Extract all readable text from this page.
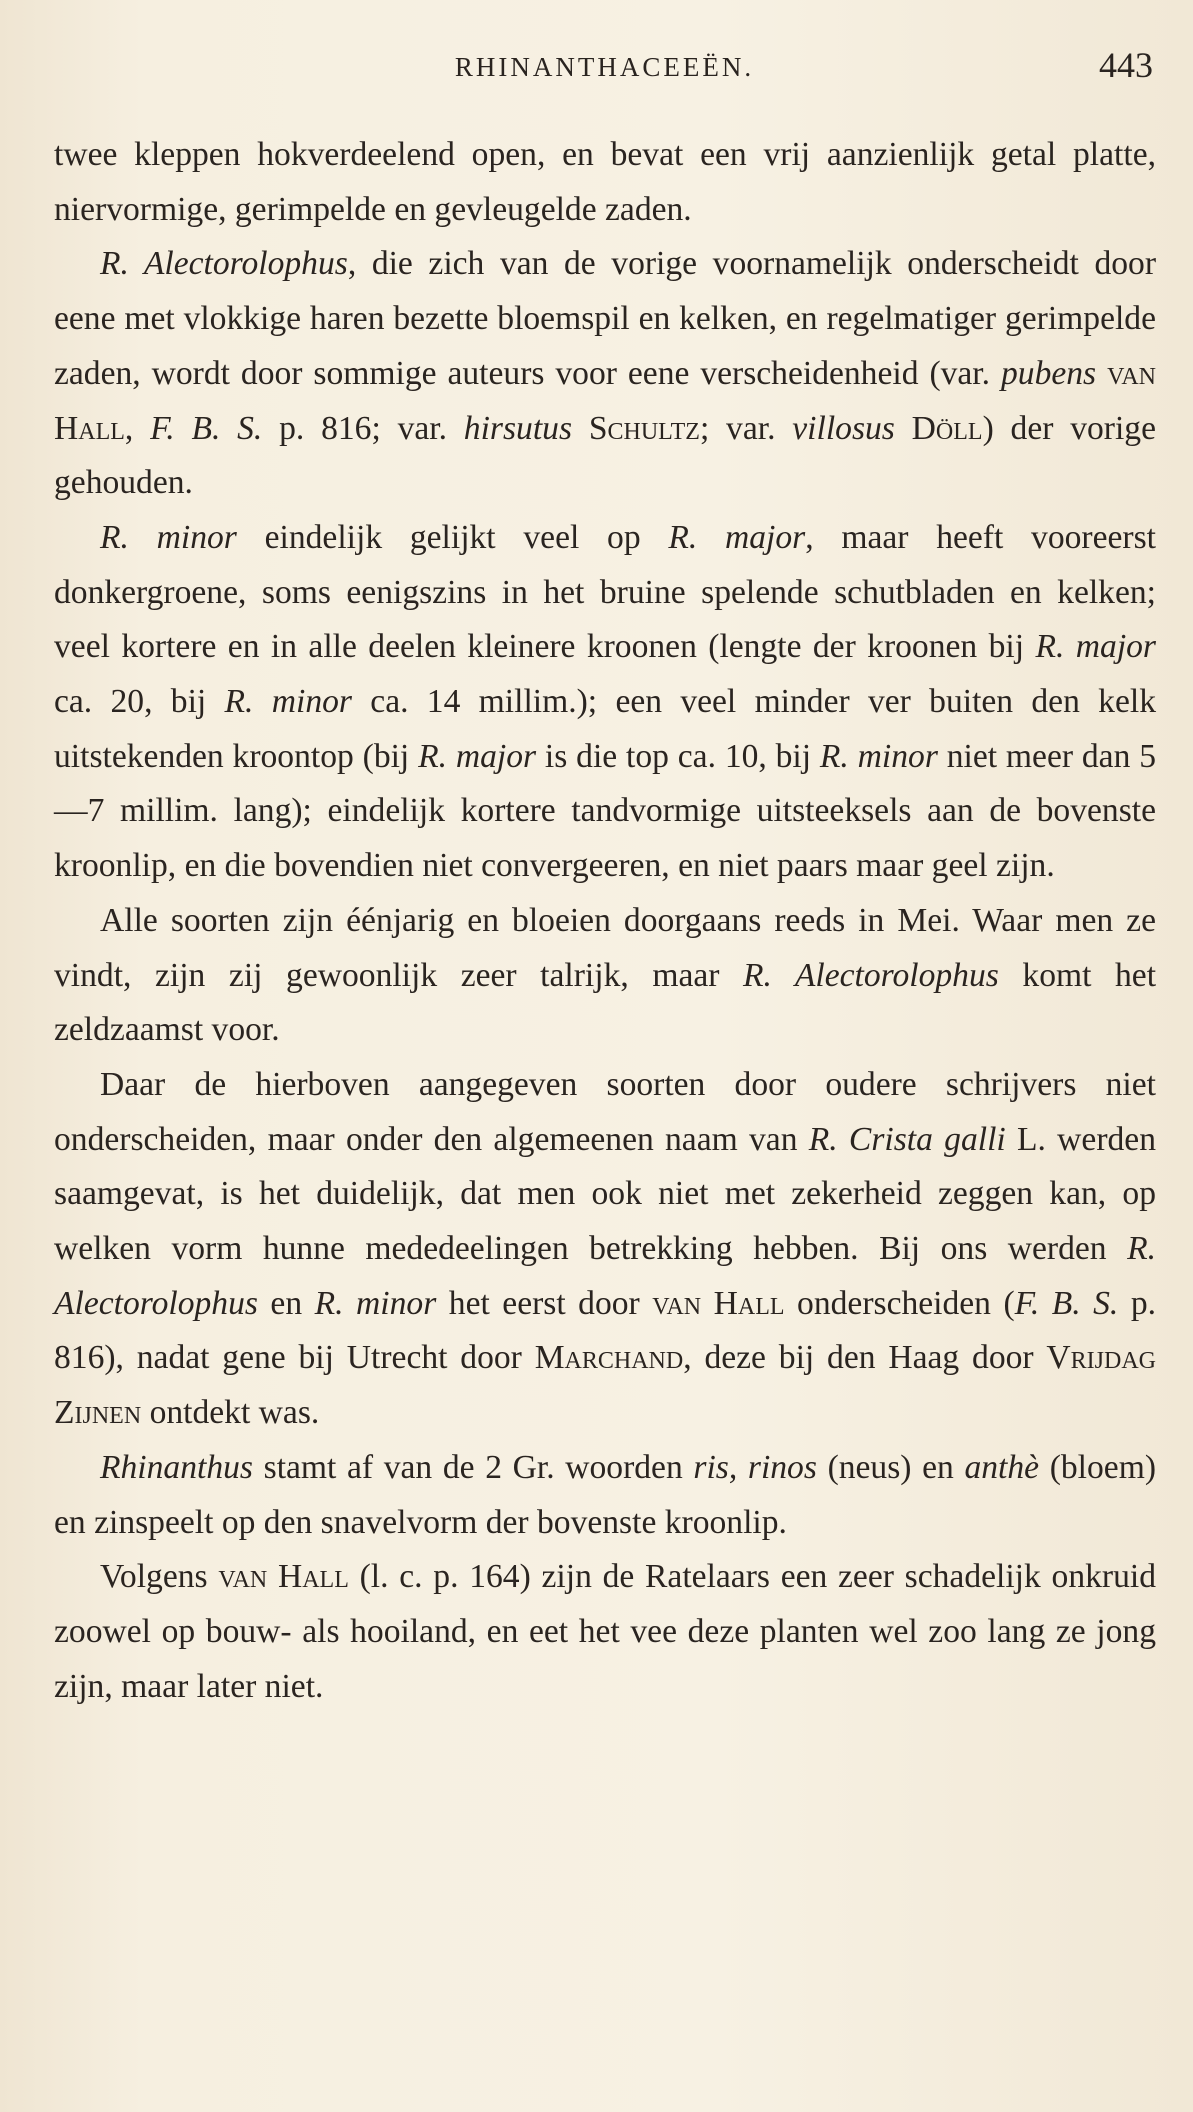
RHINANTHACEEËN.	443

twee kleppen hokverdeelend open, en bevat een vrij aanzienlijk getal platte, niervormige, gerimpelde en gevleugelde zaden.

R. Alectorolophus, die zich van de vorige voornamelijk onderscheidt door eene met vlokkige haren bezette bloemspil en kelken, en regelmatiger gerimpelde zaden, wordt door sommige auteurs voor eene verscheidenheid (var. pubens van Hall, F. B. S. p. 816; var. hirsutus Schultz; var. villosus Döll) der vorige gehouden.

R. minor eindelijk gelijkt veel op R. major, maar heeft vooreerst donkergroene, soms eenigszins in het bruine spelende schutbladen en kelken; veel kortere en in alle deelen kleinere kroonen (lengte der kroonen bij R. major ca. 20, bij R. minor ca. 14 millim.); een veel minder ver buiten den kelk uitstekenden kroontop (bij R. major is die top ca. 10, bij R. minor niet meer dan 5—7 millim. lang); eindelijk kortere tandvormige uitsteeksels aan de bovenste kroonlip, en die bovendien niet convergeeren, en niet paars maar geel zijn.

Alle soorten zijn éénjarig en bloeien doorgaans reeds in Mei. Waar men ze vindt, zijn zij gewoonlijk zeer talrijk, maar R. Alectorolophus komt het zeldzaamst voor.

Daar de hierboven aangegeven soorten door oudere schrijvers niet onderscheiden, maar onder den algemeenen naam van R. Crista galli L. werden saamgevat, is het duidelijk, dat men ook niet met zekerheid zeggen kan, op welken vorm hunne mededeelingen betrekking hebben. Bij ons werden R. Alectorolophus en R. minor het eerst door van Hall onderscheiden (F. B. S. p. 816), nadat gene bij Utrecht door Marchand, deze bij den Haag door Vrijdag Zijnen ontdekt was.

Rhinanthus stamt af van de 2 Gr. woorden ris, rinos (neus) en anthè (bloem) en zinspeelt op den snavelvorm der bovenste kroonlip.

Volgens van Hall (l. c. p. 164) zijn de Ratelaars een zeer schadelijk onkruid zoowel op bouw- als hooiland, en eet het vee deze planten wel zoo lang ze jong zijn, maar later niet.
